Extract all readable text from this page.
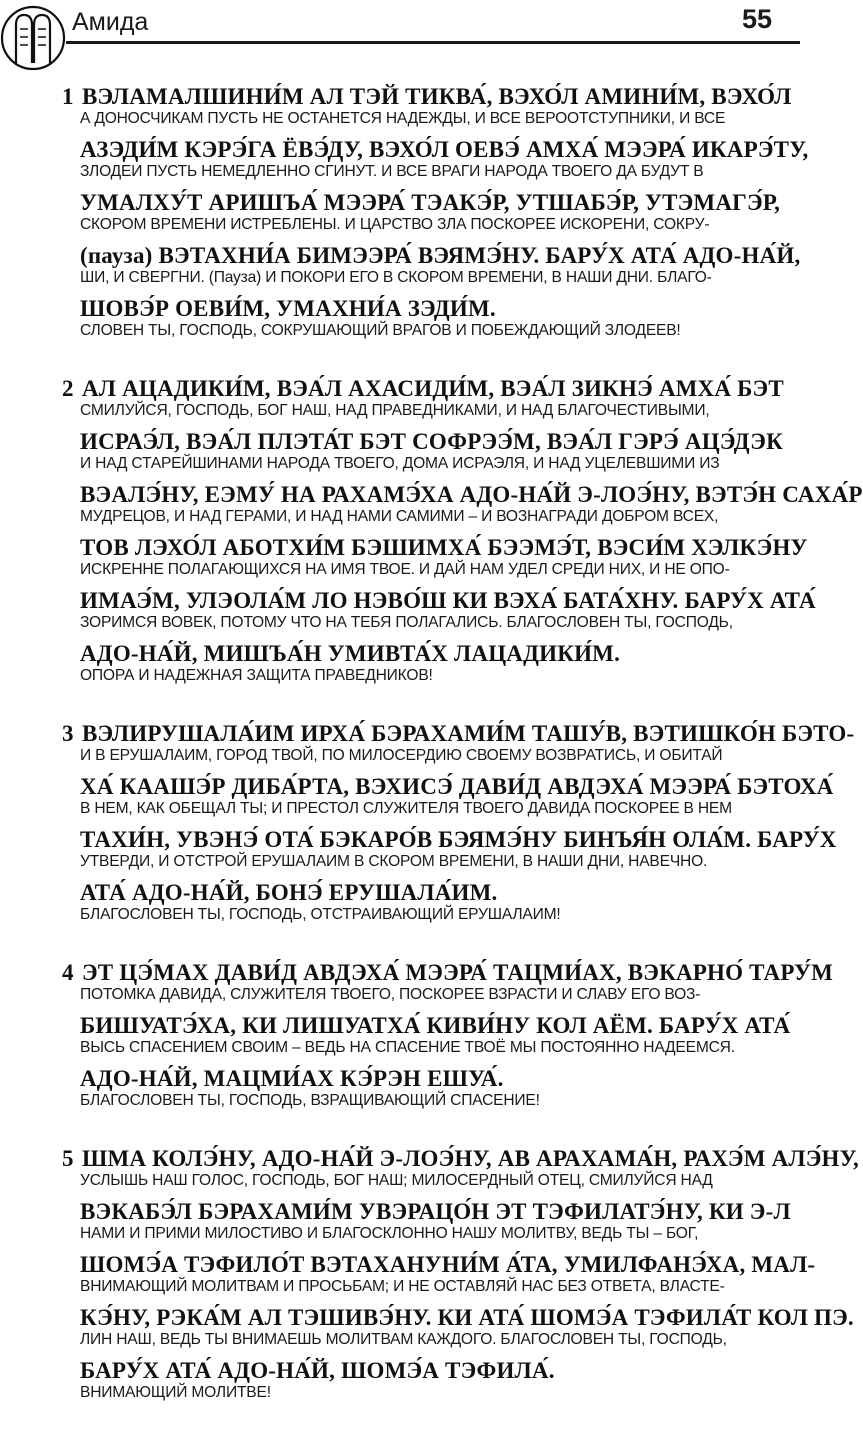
Амида	55
1 ВЭЛАМАЛШИНИ́М АЛ ТЭЙ ТИКВА́, ВЭХО́Л АМИНИ́М, ВЭХО́Л
А ДОНОСЧИКАМ ПУСТЬ НЕ ОСТАНЕТСЯ НАДЕЖДЫ, И ВСЕ ВЕРООТСТУПНИКИ, И ВСЕ
АЗЭДИ́М КЭРЭ́ГА ЁВЭ́ДУ, ВЭХО́Л ОЕВЭ́ АМХА́ МЭЭРА́ ИКАРЭ́ТУ,
ЗЛОДЕИ ПУСТЬ НЕМЕДЛЕННО СГИНУТ. И ВСЕ ВРАГИ НАРОДА ТВОЕГО ДА БУДУТ В
УМАЛХУ́Т АРИШЪА́ МЭЭРА́ ТЭАКЭ́Р, УТШАБЭ́Р, УТЭМАГЭ́Р,
СКОРОМ ВРЕМЕНИ ИСТРЕБЛЕНЫ. И ЦАРСТВО ЗЛА ПОСКОРЕЕ ИСКОРЕНИ, СОКРУ-
(пауза) ВЭТАХНИ́А БИМЭЭРА́ ВЭЯМЭ́НУ. БАРУ́Х АТА́ АДО-НА́Й,
ШИ, И СВЕРГНИ. (Пауза) И ПОКОРИ ЕГО В СКОРОМ ВРЕМЕНИ, В НАШИ ДНИ. БЛАГО-
ШОВЭ́Р ОЕВИ́М, УМАХНИ́А ЗЭДИ́М.
СЛОВЕН ТЫ, ГОСПОДЬ, СОКРУШАЮЩИЙ ВРАГОВ И ПОБЕЖДАЮЩИЙ ЗЛОДЕЕВ!
2 АЛ АЦАДИКИ́М, ВЭА́Л АХАСИДИ́М, ВЭА́Л ЗИКНЭ́ АМХА́ БЭТ
СМИЛУЙСЯ, ГОСПОДЬ, БОГ НАШ, НАД ПРАВЕДНИКАМИ, И НАД БЛАГОЧЕСТИВЫМИ,
ИСРАЭ́Л, ВЭА́Л ПЛЭТА́Т БЭТ СОФРЭЭ́М, ВЭА́Л ГЭРЭ́ АЦЭ́ДЭК
И НАД СТАРЕЙШИНАМИ НАРОДА ТВОЕГО, ДОМА ИСРАЭЛЯ, И НАД УЦЕЛЕВШИМИ ИЗ
ВЭАЛЭ́НУ, ЕЭМУ́ НА РАХАМЭ́ХА АДО-НА́Й Э-ЛОЭ́НУ, ВЭТЭ́Н САХА́Р
МУДРЕЦОВ, И НАД ГЕРАМИ, И НАД НАМИ САМИМИ – И ВОЗНАГРАДИ ДОБРОМ ВСЕХ,
ТОВ ЛЭХО́Л АБОТХИ́М БЭШИМХА́ БЭЭМЭ́Т, ВЭСИ́М ХЭЛКЭ́НУ
ИСКРЕННЕ ПОЛАГАЮЩИХСЯ НА ИМЯ ТВОЕ. И ДАЙ НАМ УДЕЛ СРЕДИ НИХ, И НЕ ОПО-
ИМАЭ́М, УЛЭОЛА́М ЛО НЭВО́Ш КИ ВЭХА́ БАТА́ХНУ. БАРУ́Х АТА́
ЗОРИМСЯ ВОВЕК, ПОТОМУ ЧТО НА ТЕБЯ ПОЛАГАЛИСЬ. БЛАГОСЛОВЕН ТЫ, ГОСПОДЬ,
АДО-НА́Й, МИШЪА́Н УМИВТА́Х ЛАЦАДИКИ́М.
ОПОРА И НАДЕЖНАЯ ЗАЩИТА ПРАВЕДНИКОВ!
3 ВЭЛИРУШАЛА́ИМ ИРХА́ БЭРАХАМИ́М ТАШУ́В, ВЭТИШКО́Н БЭТО-
И В ЕРУШАЛАИМ, ГОРОД ТВОЙ, ПО МИЛОСЕРДИЮ СВОЕМУ ВОЗВРАТИСЬ, И ОБИТАЙ
ХА́ КААШЭ́Р ДИБА́РТА, ВЭХИСЭ́ ДАВИ́Д АВДЭХА́ МЭЭРА́ БЭТОХА́
В НЕМ, КАК ОБЕЩАЛ ТЫ; И ПРЕСТОЛ СЛУЖИТЕЛЯ ТВОЕГО ДАВИДА ПОСКОРЕЕ В НЕМ
ТАХИ́Н, УВЭНЭ́ ОТА́ БЭКАРО́В БЭЯМЭ́НУ БИНЪЯ́Н ОЛА́М. БАРУ́Х
УТВЕРДИ, И ОТСТРОЙ ЕРУШАЛАИМ В СКОРОМ ВРЕМЕНИ, В НАШИ ДНИ, НАВЕЧНО.
АТА́ АДО-НА́Й, БОНЭ́ ЕРУШАЛА́ИМ.
БЛАГОСЛОВЕН ТЫ, ГОСПОДЬ, ОТСТРАИВАЮЩИЙ ЕРУШАЛАИМ!
4 ЭТ ЦЭ́МАХ ДАВИ́Д АВДЭХА́ МЭЭРА́ ТАЦМИ́АХ, ВЭКАРНО́ ТАРУ́М
ПОТОМКА ДАВИДА, СЛУЖИТЕЛЯ ТВОЕГО, ПОСКОРЕЕ ВЗРАСТИ И СЛАВУ ЕГО ВОЗ-
БИШУАТЭ́ХА, КИ ЛИШУАТХА́ КИВИ́НУ КОЛ АЁМ. БАРУ́Х АТА́
ВЫСЬ СПАСЕНИЕМ СВОИМ – ВЕДЬ НА СПАСЕНИЕ ТВОЁ МЫ ПОСТОЯННО НАДЕЕМСЯ.
АДО-НА́Й, МАЦМИ́АХ КЭ́РЭН ЕШУА́.
БЛАГОСЛОВЕН ТЫ, ГОСПОДЬ, ВЗРАЩИВАЮЩИЙ СПАСЕНИЕ!
5 ШМА КОЛЭ́НУ, АДО-НА́Й Э-ЛОЭ́НУ, АВ АРАХАМА́Н, РАХЭ́М АЛЭ́НУ,
УСЛЫШЬ НАШ ГОЛОС, ГОСПОДЬ, БОГ НАШ; МИЛОСЕРДНЫЙ ОТЕЦ, СМИЛУЙСЯ НАД
ВЭКАБЭ́Л БЭРАХАМИ́М УВЭРАЦО́Н ЭТ ТЭФИЛАТЭ́НУ, КИ Э-Л
НАМИ И ПРИМИ МИЛОСТИВО И БЛАГОСКЛОННО НАШУ МОЛИТВУ, ВЕДЬ ТЫ – БОГ,
ШОМЭ́А ТЭФИЛО́Т ВЭТАХАНУНИ́М А́ТА, УМИЛФАНЭ́ХА, МАЛ-
ВНИМАЮЩИЙ МОЛИТВАМ И ПРОСЬБАМ; И НЕ ОСТАВЛЯЙ НАС БЕЗ ОТВЕТА, ВЛАСТЕ-
КЭ́НУ, РЭКА́М АЛ ТЭШИВЭ́НУ. КИ АТА́ ШОМЭ́А ТЭФИЛА́Т КОЛ ПЭ.
ЛИН НАШ, ВЕДЬ ТЫ ВНИМАЕШЬ МОЛИТВАМ КАЖДОГО. БЛАГОСЛОВЕН ТЫ, ГОСПОДЬ,
БАРУ́Х АТА́ АДО-НА́Й, ШОМЭ́А ТЭФИЛА́.
ВНИМАЮЩИЙ МОЛИТВЕ!
